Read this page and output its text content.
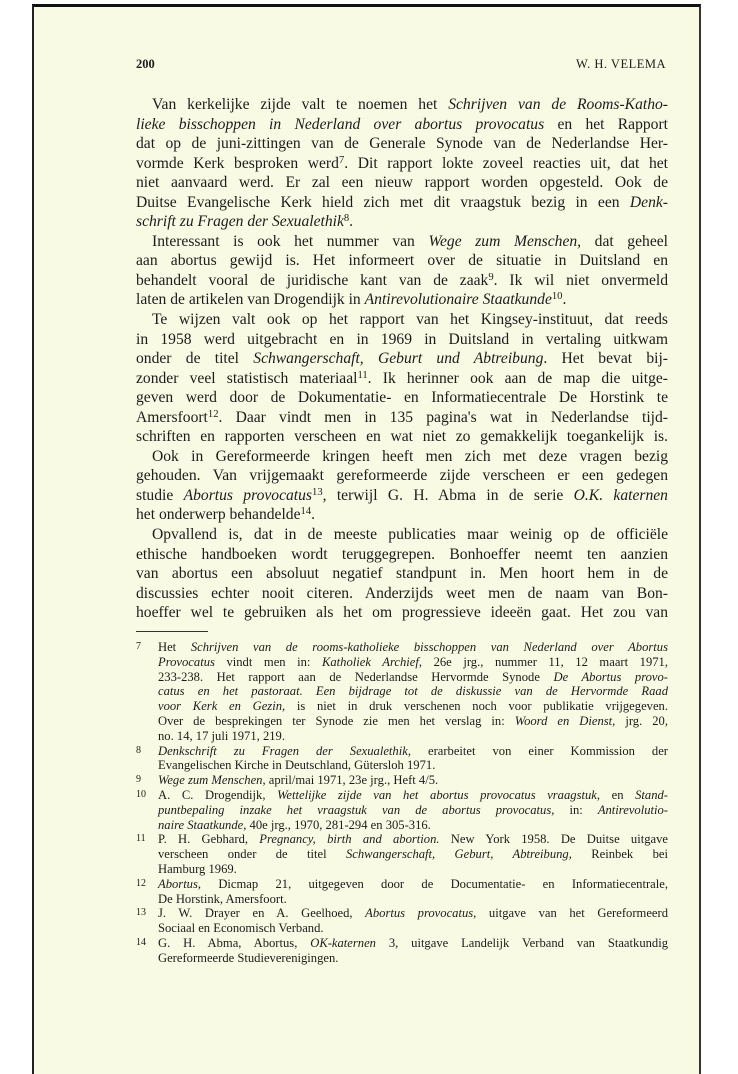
200	W. H. VELEMA
Van kerkelijke zijde valt te noemen het Schrijven van de Rooms-Katho-
lieke bisschoppen in Nederland over abortus provocatus en het Rapport
dat op de juni-zittingen van de Generale Synode van de Nederlandse Her-
vormde Kerk besproken werd$^7$. Dit rapport lokte zoveel reacties uit, dat het
niet aanvaard werd. Er zal een nieuw rapport worden opgesteld. Ook de
Duitse Evangelische Kerk hield zich met dit vraagstuk bezig in een Denk-
schrift zu Fragen der Sexualethik$^8$.
Interessant is ook het nummer van Wege zum Menschen, dat geheel
aan abortus gewijd is. Het informeert over de situatie in Duitsland en
behandelt vooral de juridische kant van de zaak$^9$. Ik wil niet onvermeld
laten de artikelen van Drogendijk in Antirevolutionaire Staatkunde$^{10}$.
Te wijzen valt ook op het rapport van het Kingsey-instituut, dat reeds
in 1958 werd uitgebracht en in 1969 in Duitsland in vertaling uitkwam
onder de titel Schwangerschaft, Geburt und Abtreibung. Het bevat bij-
zonder veel statistisch materiaal$^{11}$. Ik herinner ook aan de map die uitge-
geven werd door de Dokumentatie- en Informatiecentrale De Horstink te
Amersfoort$^{12}$. Daar vindt men in 135 pagina's wat in Nederlandse tijd-
schriften en rapporten verscheen en wat niet zo gemakkelijk toegankelijk is.
Ook in Gereformeerde kringen heeft men zich met deze vragen bezig
gehouden. Van vrijgemaakt gereformeerde zijde verscheen er een gedegen
studie Abortus provocatus$^{13}$, terwijl G. H. Abma in de serie O.K. katernen
het onderwerp behandelde$^{14}$.
Opvallend is, dat in de meeste publicaties maar weinig op de officiële
ethische handboeken wordt teruggegrepen. Bonhoeffer neemt ten aanzien
van abortus een absoluut negatief standpunt in. Men hoort hem in de
discussies echter nooit citeren. Anderzijds weet men de naam van Bon-
hoeffer wel te gebruiken als het om progressieve ideeën gaat. Het zou van
7 Het Schrijven van de rooms-katholieke bisschoppen van Nederland over Abortus
Provocatus vindt men in: Katholiek Archief, 26e jrg., nummer 11, 12 maart 1971,
233-238. Het rapport aan de Nederlandse Hervormde Synode De Abortus provo-
catus en het pastoraat. Een bijdrage tot de diskussie van de Hervormde Raad
voor Kerk en Gezin, is niet in druk verschenen noch voor publikatie vrijgegeven.
Over de besprekingen ter Synode zie men het verslag in: Woord en Dienst, jrg. 20,
no. 14, 17 juli 1971, 219.
8 Denkschrift zu Fragen der Sexualethik, erarbeitet von einer Kommission der
Evangelischen Kirche in Deutschland, Gütersloh 1971.
9 Wege zum Menschen, april/mai 1971, 23e jrg., Heft 4/5.
10 A. C. Drogendijk, Wettelijke zijde van het abortus provocatus vraagstuk, en Stand-
puntbepaling inzake het vraagstuk van de abortus provocatus, in: Antirevolutio-
naire Staatkunde, 40e jrg., 1970, 281-294 en 305-316.
11 P. H. Gebhard, Pregnancy, birth and abortion. New York 1958. De Duitse uitgave
verscheen onder de titel Schwangerschaft, Geburt, Abtreibung, Reinbek bei
Hamburg 1969.
12 Abortus, Dicmap 21, uitgegeven door de Documentatie- en Informatiecentrale,
De Horstink, Amersfoort.
13 J. W. Drayer en A. Geelhoed, Abortus provocatus, uitgave van het Gereformeerd
Sociaal en Economisch Verband.
14 G. H. Abma, Abortus, OK-katernen 3, uitgave Landelijk Verband van Staatkundig
Gereformeerde Studieverenigingen.
